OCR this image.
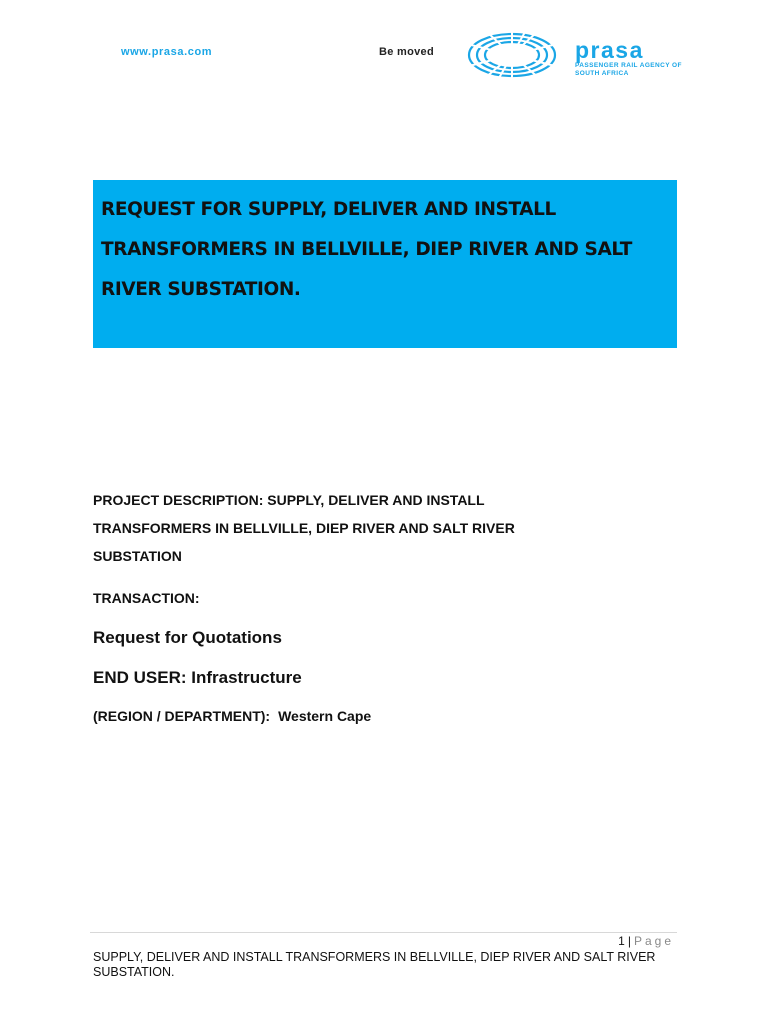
www.prasa.com	Be moved	prasa
PASSENGER RAIL AGENCY OF SOUTH AFRICA
REQUEST FOR SUPPLY, DELIVER AND INSTALL TRANSFORMERS IN BELLVILLE, DIEP RIVER AND SALT RIVER SUBSTATION.

PROJECT DESCRIPTION: SUPPLY, DELIVER AND INSTALL TRANSFORMERS IN BELLVILLE, DIEP RIVER AND SALT RIVER SUBSTATION

TRANSACTION:

Request for Quotations

END USER: Infrastructure

(REGION / DEPARTMENT): Western Cape

1 | Page
SUPPLY, DELIVER AND INSTALL TRANSFORMERS IN BELLVILLE, DIEP RIVER AND SALT RIVER SUBSTATION.
